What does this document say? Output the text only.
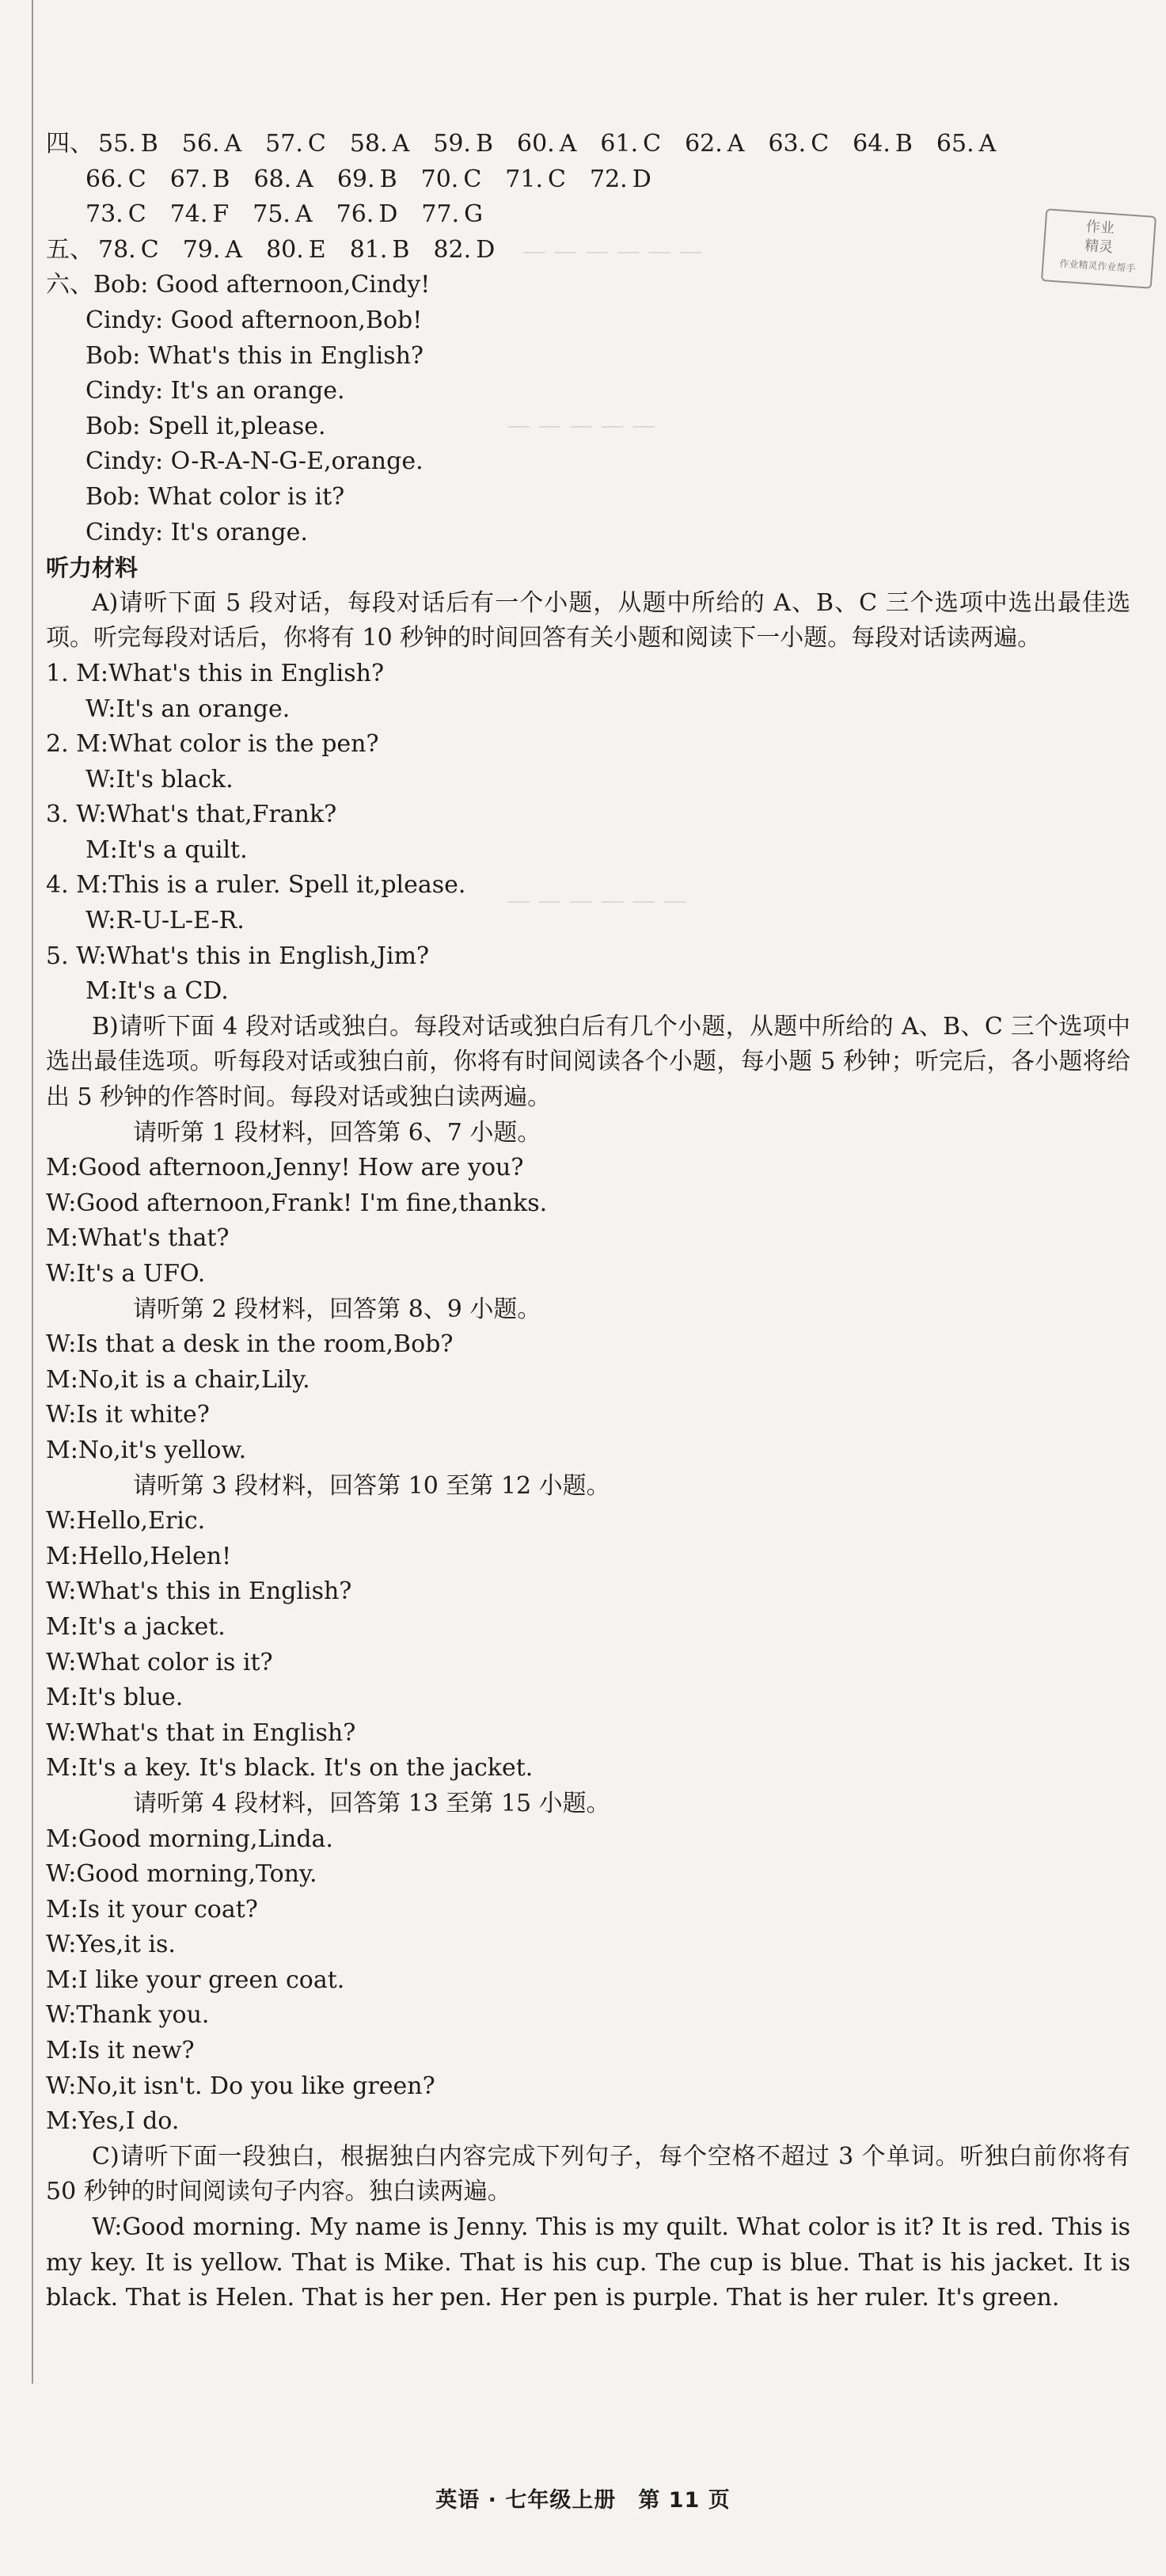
— — — — — —
— — — — —
— — — — — —
作业
精灵
作业精灵作业帮手
四、 55. B 56. A 57. C 58. A 59. B 60. A 61. C 62. A 63. C 64. B 65. A
66. C 67. B 68. A 69. B 70. C 71. C 72. D
73. C 74. F 75. A 76. D 77. G
五、 78. C 79. A 80. E 81. B 82. D
六、Bob: Good afternoon,Cindy!
Cindy: Good afternoon,Bob!
Bob: What's this in English?
Cindy: It's an orange.
Bob: Spell it,please.
Cindy: O-R-A-N-G-E,orange.
Bob: What color is it?
Cindy: It's orange.
听力材料
A)请听下面 5 段对话，每段对话后有一个小题，从题中所给的 A、B、C 三个选项中选出最佳选项。听完每段对话后，你将有 10 秒钟的时间回答有关小题和阅读下一小题。每段对话读两遍。
1. M:What's this in English?
W:It's an orange.
2. M:What color is the pen?
W:It's black.
3. W:What's that,Frank?
M:It's a quilt.
4. M:This is a ruler. Spell it,please.
W:R-U-L-E-R.
5. W:What's this in English,Jim?
M:It's a CD.
B)请听下面 4 段对话或独白。每段对话或独白后有几个小题，从题中所给的 A、B、C 三个选项中选出最佳选项。听每段对话或独白前，你将有时间阅读各个小题，每小题 5 秒钟；听完后，各小题将给出 5 秒钟的作答时间。每段对话或独白读两遍。
请听第 1 段材料，回答第 6、7 小题。
M:Good afternoon,Jenny! How are you?
W:Good afternoon,Frank! I'm fine,thanks.
M:What's that?
W:It's a UFO.
请听第 2 段材料，回答第 8、9 小题。
W:Is that a desk in the room,Bob?
M:No,it is a chair,Lily.
W:Is it white?
M:No,it's yellow.
请听第 3 段材料，回答第 10 至第 12 小题。
W:Hello,Eric.
M:Hello,Helen!
W:What's this in English?
M:It's a jacket.
W:What color is it?
M:It's blue.
W:What's that in English?
M:It's a key. It's black. It's on the jacket.
请听第 4 段材料，回答第 13 至第 15 小题。
M:Good morning,Linda.
W:Good morning,Tony.
M:Is it your coat?
W:Yes,it is.
M:I like your green coat.
W:Thank you.
M:Is it new?
W:No,it isn't. Do you like green?
M:Yes,I do.
C)请听下面一段独白，根据独白内容完成下列句子，每个空格不超过 3 个单词。听独白前你将有 50 秒钟的时间阅读句子内容。独白读两遍。
W:Good morning. My name is Jenny. This is my quilt. What color is it? It is red. This is my key. It is yellow. That is Mike. That is his cup. The cup is blue. That is his jacket. It is black. That is Helen. That is her pen. Her pen is purple. That is her ruler. It's green.
英语 · 七年级上册　第 11 页
